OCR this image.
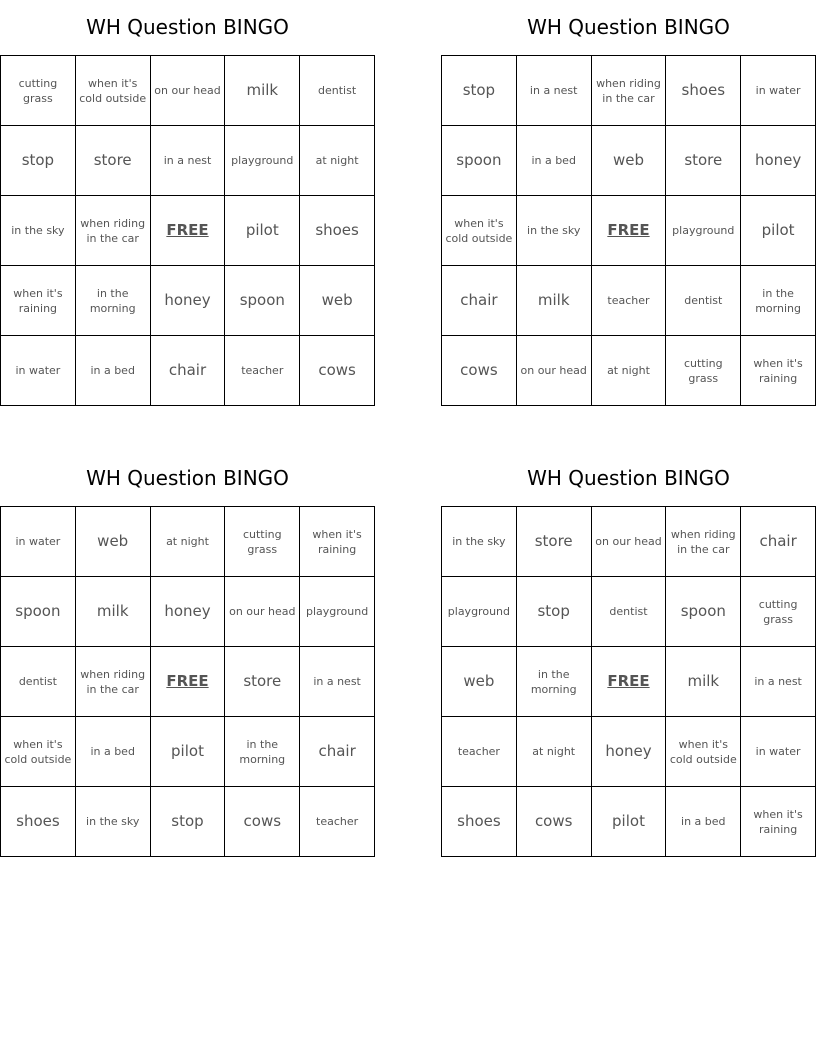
WH Question BINGO
cutting grass	when it's cold outside	on our head	milk	dentist
stop	store	in a nest	playground	at night
in the sky	when riding in the car	FREE	pilot	shoes
when it's raining	in the morning	honey	spoon	web
in water	in a bed	chair	teacher	cows
WH Question BINGO
stop	in a nest	when riding in the car	shoes	in water
spoon	in a bed	web	store	honey
when it's cold outside	in the sky	FREE	playground	pilot
chair	milk	teacher	dentist	in the morning
cows	on our head	at night	cutting grass	when it's raining
WH Question BINGO
in water	web	at night	cutting grass	when it's raining
spoon	milk	honey	on our head	playground
dentist	when riding in the car	FREE	store	in a nest
when it's cold outside	in a bed	pilot	in the morning	chair
shoes	in the sky	stop	cows	teacher
WH Question BINGO
in the sky	store	on our head	when riding in the car	chair
playground	stop	dentist	spoon	cutting grass
web	in the morning	FREE	milk	in a nest
teacher	at night	honey	when it's cold outside	in water
shoes	cows	pilot	in a bed	when it's raining
